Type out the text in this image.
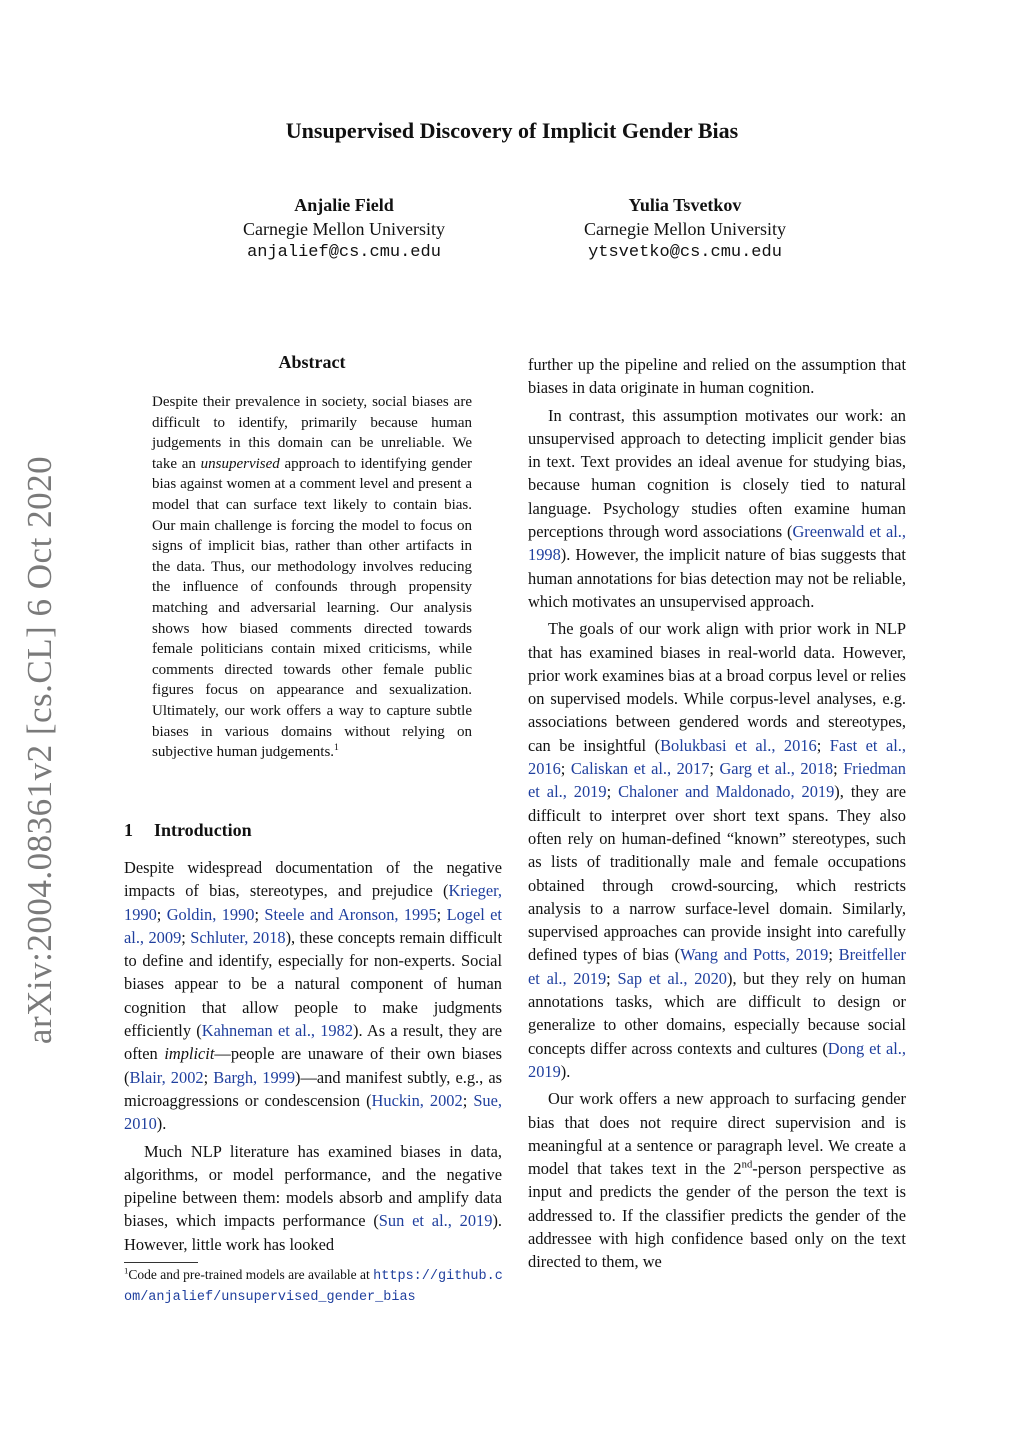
arXiv:2004.08361v2 [cs.CL] 6 Oct 2020
Unsupervised Discovery of Implicit Gender Bias
Anjalie Field
Carnegie Mellon University
anjalief@cs.cmu.edu
Yulia Tsvetkov
Carnegie Mellon University
ytsvetko@cs.cmu.edu
Abstract

Despite their prevalence in society, social biases are difficult to identify, primarily because human judgements in this domain can be unreliable. We take an unsupervised approach to identifying gender bias against women at a comment level and present a model that can surface text likely to contain bias. Our main challenge is forcing the model to focus on signs of implicit bias, rather than other artifacts in the data. Thus, our methodology involves reducing the influence of confounds through propensity matching and adversarial learning. Our analysis shows how biased comments directed towards female politicians contain mixed criticisms, while comments directed towards other female public figures focus on appearance and sexualization. Ultimately, our work offers a way to capture subtle biases in various domains without relying on subjective human judgements.$^1$

1 Introduction

Despite widespread documentation of the negative impacts of bias, stereotypes, and prejudice (Krieger, 1990; Goldin, 1990; Steele and Aronson, 1995; Logel et al., 2009; Schluter, 2018), these concepts remain difficult to define and identify, especially for non-experts. Social biases appear to be a natural component of human cognition that allow people to make judgments efficiently (Kahneman et al., 1982). As a result, they are often implicit—people are unaware of their own biases (Blair, 2002; Bargh, 1999)—and manifest subtly, e.g., as microaggressions or condescension (Huckin, 2002; Sue, 2010).

Much NLP literature has examined biases in data, algorithms, or model performance, and the negative pipeline between them: models absorb and amplify data biases, which impacts performance (Sun et al., 2019). However, little work has looked

$^1$Code and pre-trained models are available at https://github.com/anjalief/unsupervised_gender_bias

further up the pipeline and relied on the assumption that biases in data originate in human cognition.

In contrast, this assumption motivates our work: an unsupervised approach to detecting implicit gender bias in text. Text provides an ideal avenue for studying bias, because human cognition is closely tied to natural language. Psychology studies often examine human perceptions through word associations (Greenwald et al., 1998). However, the implicit nature of bias suggests that human annotations for bias detection may not be reliable, which motivates an unsupervised approach.

The goals of our work align with prior work in NLP that has examined biases in real-world data. However, prior work examines bias at a broad corpus level or relies on supervised models. While corpus-level analyses, e.g. associations between gendered words and stereotypes, can be insightful (Bolukbasi et al., 2016; Fast et al., 2016; Caliskan et al., 2017; Garg et al., 2018; Friedman et al., 2019; Chaloner and Maldonado, 2019), they are difficult to interpret over short text spans. They also often rely on human-defined “known” stereotypes, such as lists of traditionally male and female occupations obtained through crowd-sourcing, which restricts analysis to a narrow surface-level domain. Similarly, supervised approaches can provide insight into carefully defined types of bias (Wang and Potts, 2019; Breitfeller et al., 2019; Sap et al., 2020), but they rely on human annotations tasks, which are difficult to design or generalize to other domains, especially because social concepts differ across contexts and cultures (Dong et al., 2019).

Our work offers a new approach to surfacing gender bias that does not require direct supervision and is meaningful at a sentence or paragraph level. We create a model that takes text in the 2nd-person perspective as input and predicts the gender of the person the text is addressed to. If the classifier predicts the gender of the addressee with high confidence based only on the text directed to them, we
